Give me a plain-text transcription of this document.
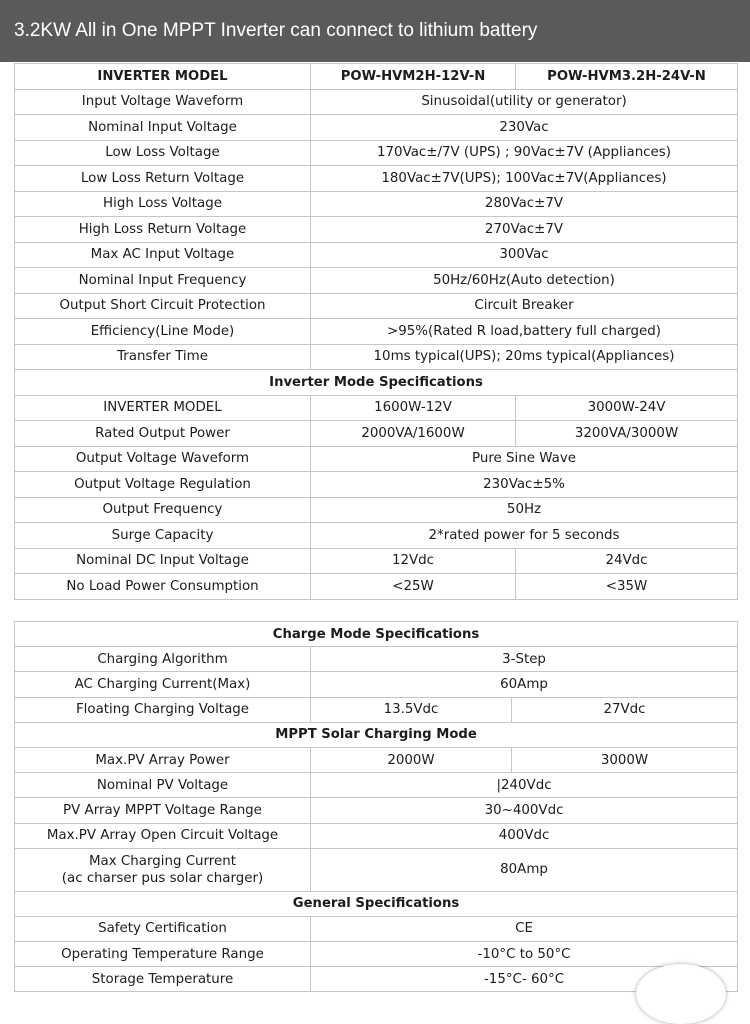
3.2KW All in One MPPT Inverter can connect to lithium battery
INVERTER MODEL	POW-HVM2H-12V-N	POW-HVM3.2H-24V-N
Input Voltage Waveform	Sinusoidal(utility or generator)	
Nominal Input Voltage	230Vac	
Low Loss Voltage	170Vac±/7V (UPS) ; 90Vac±7V (Appliances)	
Low Loss Return Voltage	180Vac±7V(UPS); 100Vac±7V(Appliances)	
High Loss Voltage	280Vac±7V	
High Loss Return Voltage	270Vac±7V	
Max AC Input Voltage	300Vac	
Nominal Input Frequency	50Hz/60Hz(Auto detection)	
Output Short Circuit Protection	Circuit Breaker	
Efficiency(Line Mode)	>95%(Rated R load,battery full charged)	
Transfer Time	10ms typical(UPS); 20ms typical(Appliances)	
Inverter Mode Specifications		
INVERTER MODEL	1600W-12V	3000W-24V
Rated Output Power	2000VA/1600W	3200VA/3000W
Output Voltage Waveform	Pure Sine Wave	
Output Voltage Regulation	230Vac±5%	
Output Frequency	50Hz	
Surge Capacity	2*rated power for 5 seconds	
Nominal DC Input Voltage	12Vdc	24Vdc
No Load Power Consumption	<25W	<35W
Charge Mode Specifications		
Charging Algorithm	3-Step	
AC Charging Current(Max)	60Amp	
Floating Charging Voltage	13.5Vdc	27Vdc
MPPT Solar Charging Mode		
Max.PV Array Power	2000W	3000W
Nominal PV Voltage	|240Vdc	
PV Array MPPT Voltage Range	30~400Vdc	
Max.PV Array Open Circuit Voltage	400Vdc	

Max Charging Current
(ac charser pus solar charger)	80Amp	
General Specifications		
Safety Certification	CE	
Operating Temperature Range	-10°C to 50°C	
Storage Temperature	-15°C- 60°C	
